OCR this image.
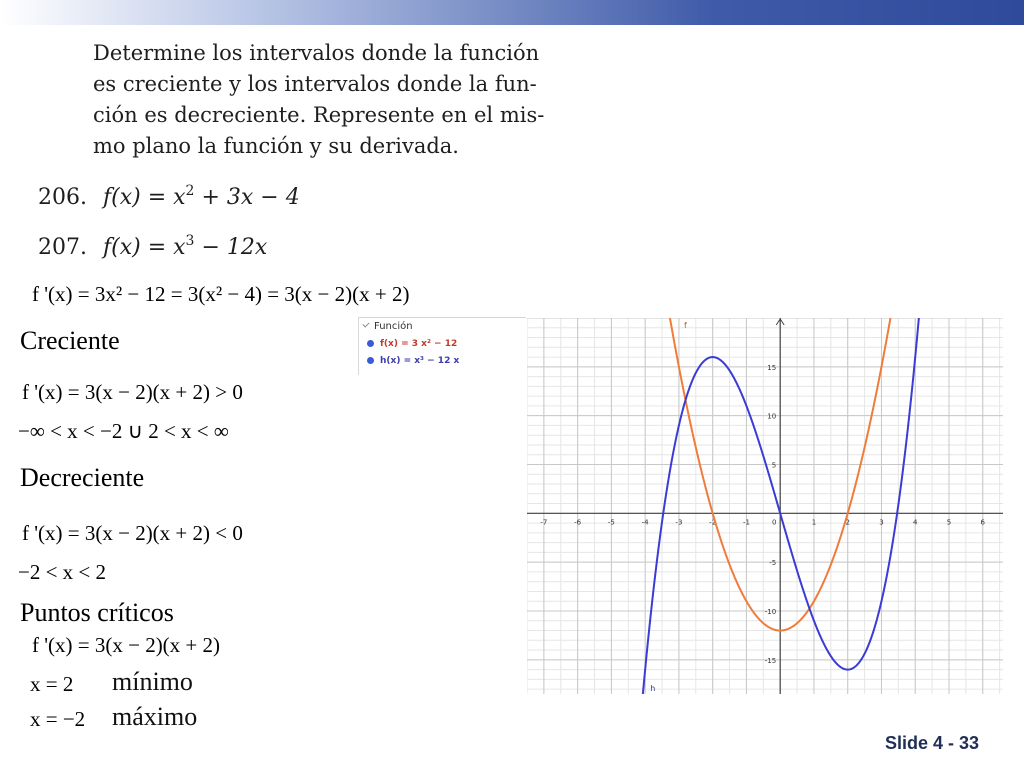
Determine los intervalos donde la función
es creciente y los intervalos donde la fun-
ción es decreciente. Represente en el mis-
mo plano la función y su derivada.
206. $f(x) = x^2 + 3x - 4$
207. $f(x) = x^3 - 12x$
f '(x) = 3x² − 12 = 3(x² − 4) = 3(x − 2)(x + 2)
Creciente
f '(x) = 3(x − 2)(x + 2) > 0
−∞ < x < −2 ∪ 2 < x < ∞
Decreciente
f '(x) = 3(x − 2)(x + 2) < 0
−2 < x < 2
Puntos críticos
f '(x) = 3(x − 2)(x + 2)
x = 2 mínimo
x = −2 máximo
Función
f(x) = 3 x² − 12
h(x) = x³ − 12 x
-7	-6	-5	-4	-3	-2	-1	0	1	2	3	4	5	6
-15
-10
-5
5
10
15
f
h
Slide 4 - 33
